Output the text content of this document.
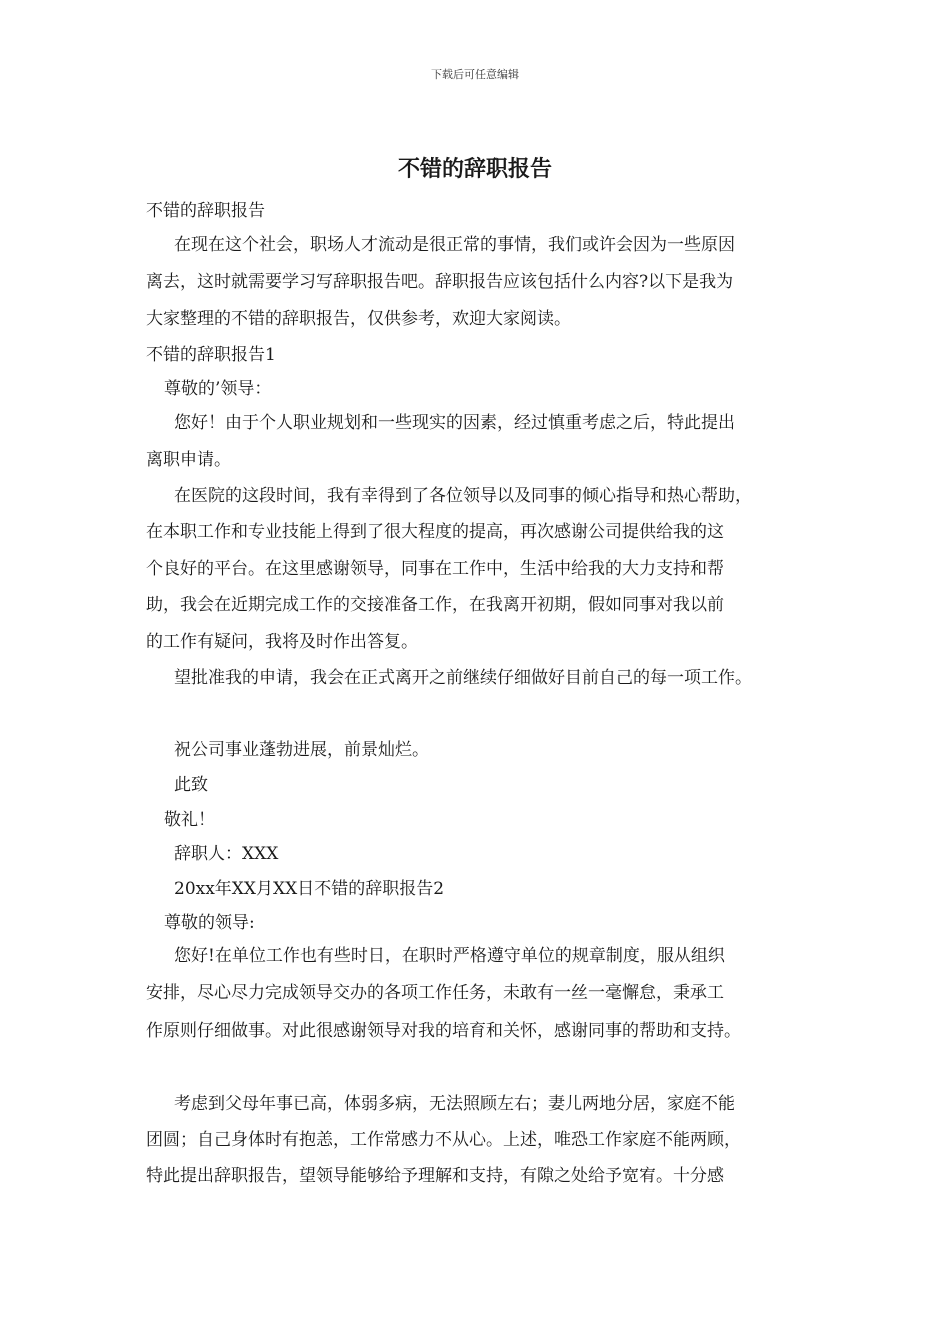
下载后可任意编辑
不错的辞职报告
不错的辞职报告
在现在这个社会，职场人才流动是很正常的事情，我们或许会因为一些原因
离去，这时就需要学习写辞职报告吧。辞职报告应该包括什么内容?以下是我为
大家整理的不错的辞职报告，仅供参考，欢迎大家阅读。
不错的辞职报告1
尊敬的’领导：
您好！由于个人职业规划和一些现实的因素，经过慎重考虑之后，特此提出
离职申请。
在医院的这段时间，我有幸得到了各位领导以及同事的倾心指导和热心帮助，
在本职工作和专业技能上得到了很大程度的提高，再次感谢公司提供给我的这
个良好的平台。在这里感谢领导，同事在工作中，生活中给我的大力支持和帮
助，我会在近期完成工作的交接准备工作，在我离开初期，假如同事对我以前
的工作有疑问，我将及时作出答复。
望批准我的申请，我会在正式离开之前继续仔细做好目前自己的每一项工作。
祝公司事业蓬勃进展，前景灿烂。
此致
敬礼！
辞职人：XXX
20xx年XX月XX日不错的辞职报告2
尊敬的领导:
您好!在单位工作也有些时日，在职时严格遵守单位的规章制度，服从组织
安排，尽心尽力完成领导交办的各项工作任务，未敢有一丝一毫懈怠，秉承工
作原则仔细做事。对此很感谢领导对我的培育和关怀，感谢同事的帮助和支持。
考虑到父母年事已高，体弱多病，无法照顾左右；妻儿两地分居，家庭不能
团圆；自己身体时有抱恙，工作常感力不从心。上述，唯恐工作家庭不能两顾，
特此提出辞职报告，望领导能够给予理解和支持，有隙之处给予宽宥。十分感
